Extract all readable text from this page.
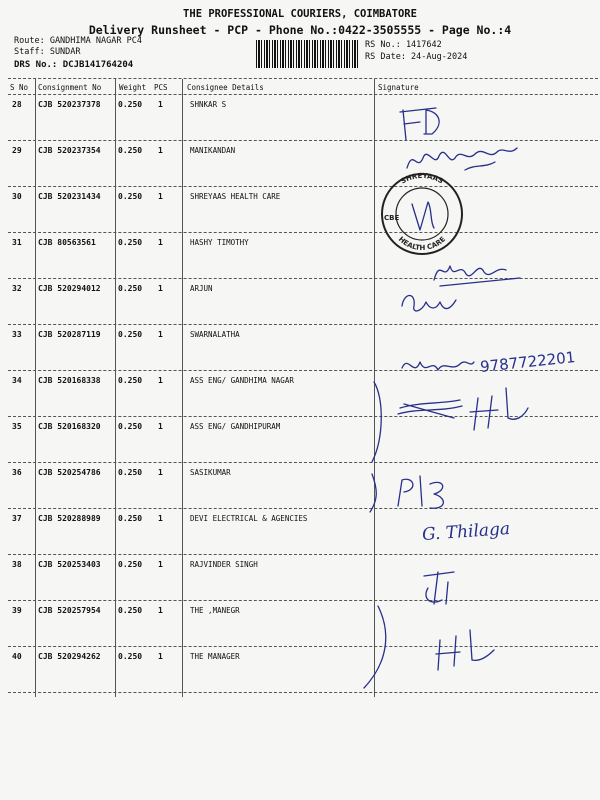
THE PROFESSIONAL COURIERS, COIMBATORE
Delivery Runsheet - PCP - Phone No.:0422-3505555 - Page No.:4
Route: GANDHIMA NAGAR PC4
Staff: SUNDAR
DRS No.: DCJB141764204
RS No.: 1417642
RS Date: 24-Aug-2024
S No Consignment No Weight PCS	Consignee Details	Signature
28 CJB 520237378 0.250 1	SHNKAR S
29 CJB 520237354 0.250 1	MANIKANDAN
30 CJB 520231434 0.250 1	SHREYAAS HEALTH CARE
31 CJB 80563561	0.250 1	HASHY TIMOTHY
32 CJB 520294012 0.250 1	ARJUN
33 CJB 520287119 0.250 1	SWARNALATHA
34 CJB 520168338 0.250 1	ASS ENG/ GANDHIMA NAGAR
35 CJB 520168320 0.250 1	ASS ENG/ GANDHIPURAM
36 CJB 520254786 0.250 1	SASIKUMAR
37 CJB 520288989 0.250 1	DEVI ELECTRICAL & AGENCIES
38 CJB 520253403 0.250 1	RAJVINDER SINGH
39 CJB 520257954 0.250 1	THE ,MANEGR
40 CJB 520294262 0.250 1	THE MANAGER
SHREYAAS
HEALTH CARE
CBE
9787722201
G. Thilaga
